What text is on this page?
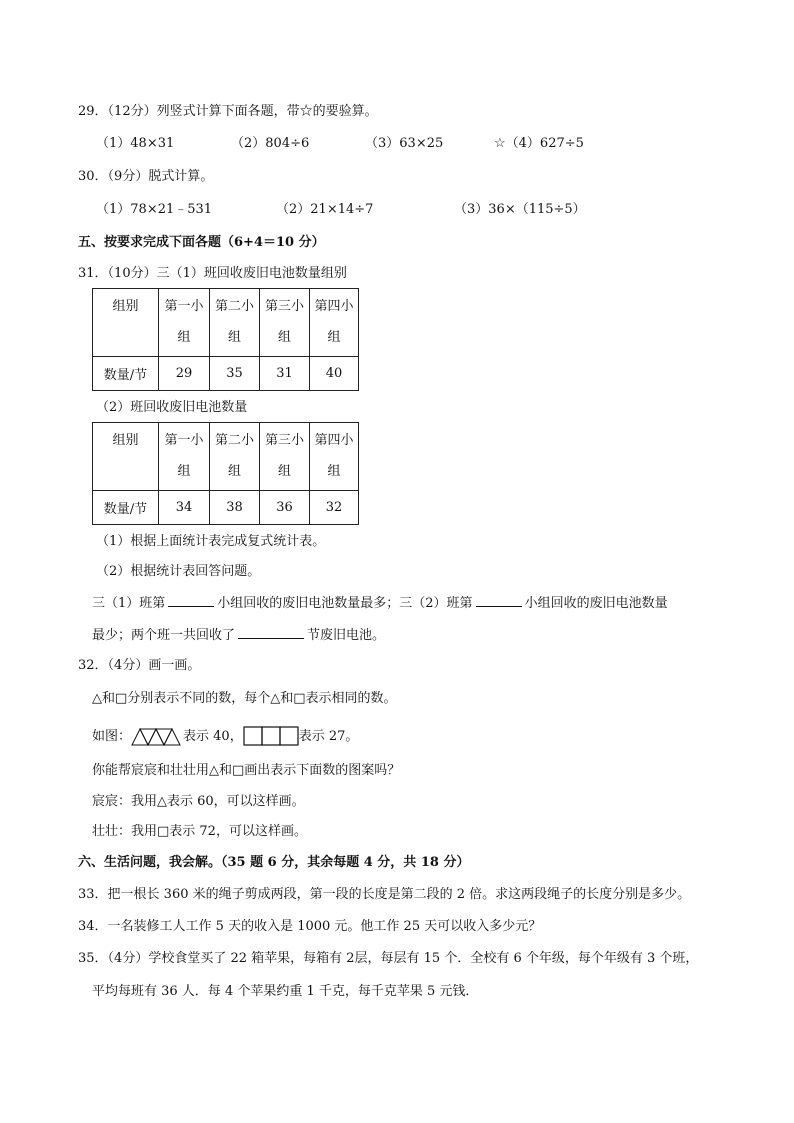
29．（12分）列竖式计算下面各题，带☆的要验算。
（1）48×31	（2）804÷6	（3）63×25	☆（4）627÷5
30．（9分）脱式计算。
（1）78×21﹣531	（2）21×14÷7	（3）36×（115÷5）
五、按要求完成下面各题（6+4＝10 分）
31．（10分）三（1）班回收废旧电池数量组别
组别	第一小组	第二小组	第三小组	第四小组

数量/节	29	35	31	40
（2）班回收废旧电池数量
组别	第一小组	第二小组	第三小组	第四小组

数量/节	34	38	36	32
（1）根据上面统计表完成复式统计表。
（2）根据统计表回答问题。
三（1）班第	小组回收的废旧电池数量最多；三（2）班第	小组回收的废旧电池数量
最少；两个班一共回收了	节废旧电池。
32．（4分）画一画。
△和□分别表示不同的数，每个△和□表示相同的数。
如图：	表示 40，	表示 27。
你能帮宸宸和壮壮用△和□画出表示下面数的图案吗？
宸宸：我用△表示 60，可以这样画。
壮壮：我用□表示 72，可以这样画。
六、生活问题，我会解。（35 题 6 分，其余每题 4 分，共 18 分）
33．把一根长 360 米的绳子剪成两段，第一段的长度是第二段的 2 倍。求这两段绳子的长度分别是多少。
34．一名装修工人工作 5 天的收入是 1000 元。他工作 25 天可以收入多少元？
35．（4分）学校食堂买了 22 箱苹果，每箱有 2层，每层有 15 个．全校有 6 个年级，每个年级有 3 个班，
平均每班有 36 人．每 4 个苹果约重 1 千克，每千克苹果 5 元钱．
